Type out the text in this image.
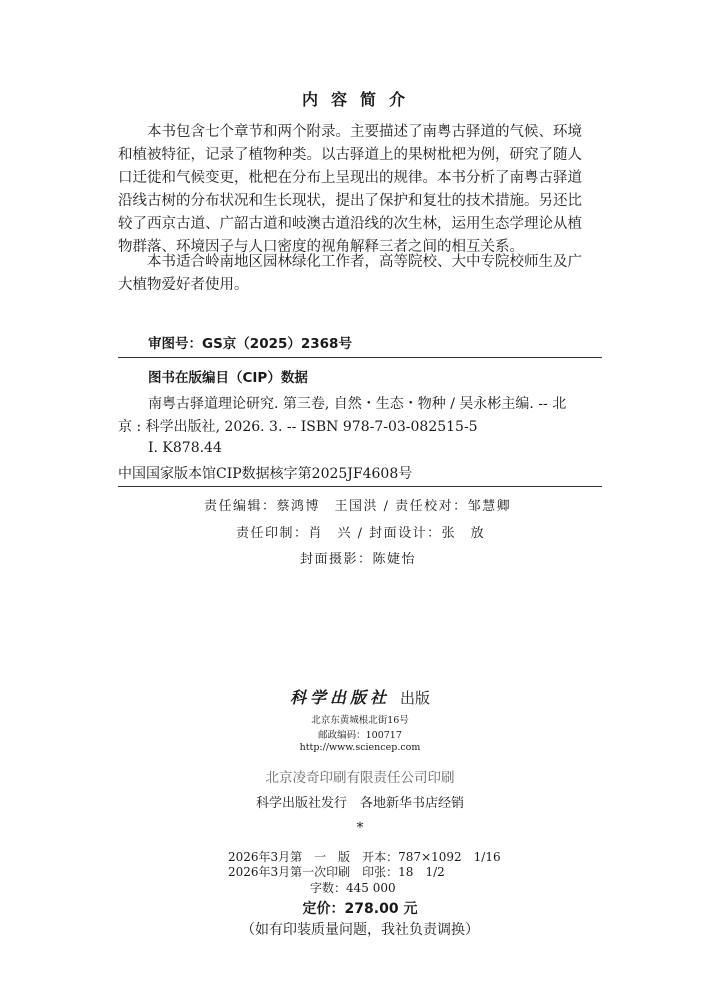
内容简介
　　本书包含七个章节和两个附录。主要描述了南粤古驿道的气候、环境
和植被特征，记录了植物种类。以古驿道上的果树枇杷为例，研究了随人
口迁徙和气候变更，枇杷在分布上呈现出的规律。本书分析了南粤古驿道
沿线古树的分布状况和生长现状，提出了保护和复壮的技术措施。另还比
较了西京古道、广韶古道和岐澳古道沿线的次生林，运用生态学理论从植
物群落、环境因子与人口密度的视角解释三者之间的相互关系。
　　本书适合岭南地区园林绿化工作者，高等院校、大中专院校师生及广
大植物爱好者使用。
审图号：GS京（2025）2368号
图书在版编目（CIP）数据
南粤古驿道理论研究. 第三卷, 自然・生态・物种 / 吴永彬主编. -- 北
京 : 科学出版社, 2026. 3. -- ISBN 978-7-03-082515-5
Ⅰ. K878.44
中国国家版本馆CIP数据核字第2025JF4608号
责任编辑：蔡鸿博　王国洪 / 责任校对：邹慧卿
责任印制：肖　兴 / 封面设计：张　放
封面摄影：陈婕怡
科学出版社 出版
北京东黄城根北街16号
邮政编码：100717
http://www.sciencep.com
北京凌奇印刷有限责任公司印刷
科学出版社发行　各地新华书店经销
*
2026年3月第　一　版　开本：787×1092　1/16
2026年3月第一次印刷　印张：18　1/2
字数：445 000
定价：278.00 元
（如有印装质量问题，我社负责调换）
